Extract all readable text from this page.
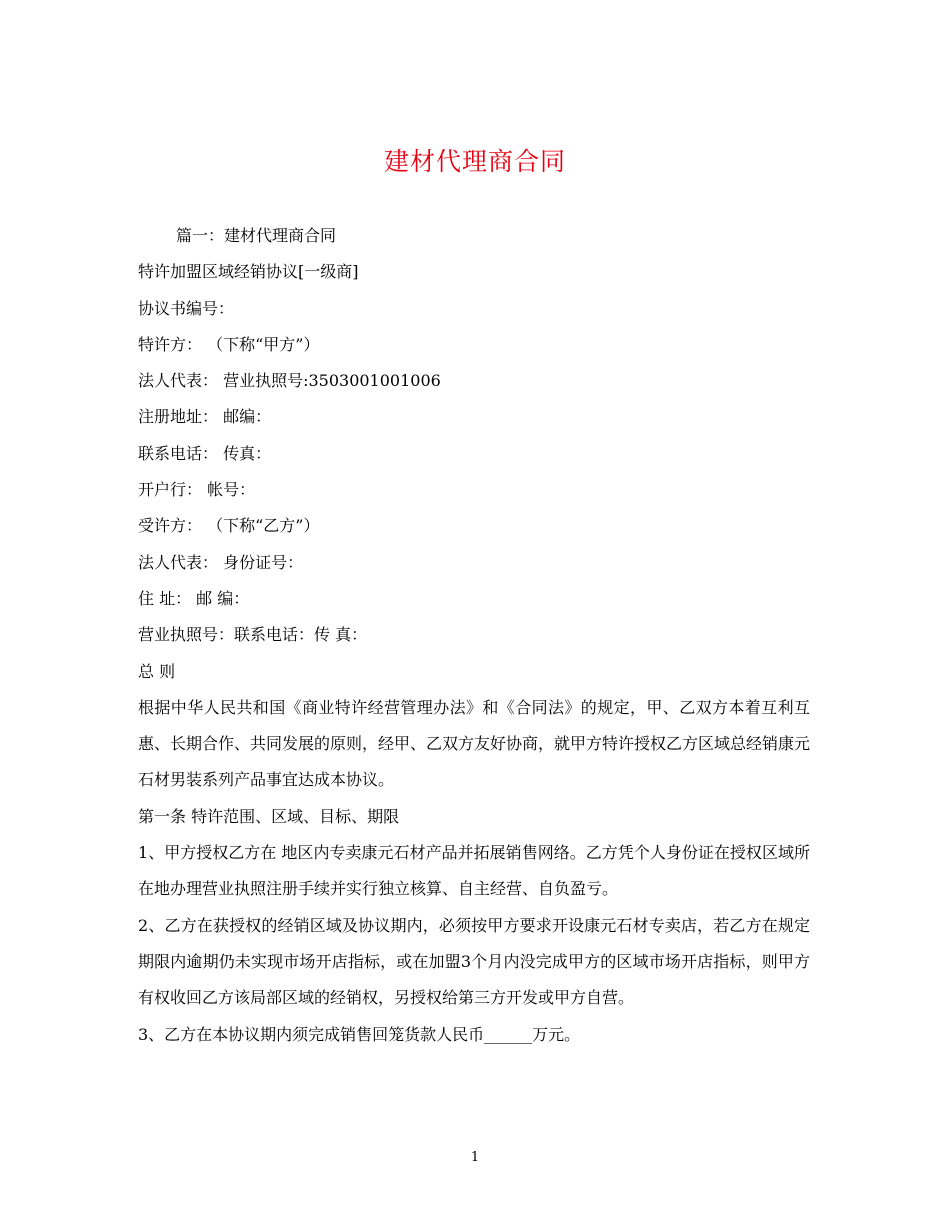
建材代理商合同
篇一：建材代理商合同
特许加盟区域经销协议[一级商]
协议书编号：
特许方： （下称“甲方”）
法人代表： 营业执照号:3503001001006
注册地址： 邮编：
联系电话： 传真：
开户行： 帐号：
受许方： （下称“乙方”）
法人代表： 身份证号：
住 址： 邮 编：
营业执照号：联系电话：传 真：
总 则
根据中华人民共和国《商业特许经营管理办法》和《合同法》的规定，甲、乙双方本着互利互惠、长期合作、共同发展的原则，经甲、乙双方友好协商，就甲方特许授权乙方区域总经销康元石材男装系列产品事宜达成本协议。
第一条 特许范围、区域、目标、期限
1、甲方授权乙方在 地区内专卖康元石材产品并拓展销售网络。乙方凭个人身份证在授权区域所在地办理营业执照注册手续并实行独立核算、自主经营、自负盈亏。
2、乙方在获授权的经销区域及协议期内，必须按甲方要求开设康元石材专卖店，若乙方在规定期限内逾期仍未实现市场开店指标，或在加盟3个月内没完成甲方的区域市场开店指标，则甲方有权收回乙方该局部区域的经销权，另授权给第三方开发或甲方自营。
3、乙方在本协议期内须完成销售回笼货款人民币______万元。
1
